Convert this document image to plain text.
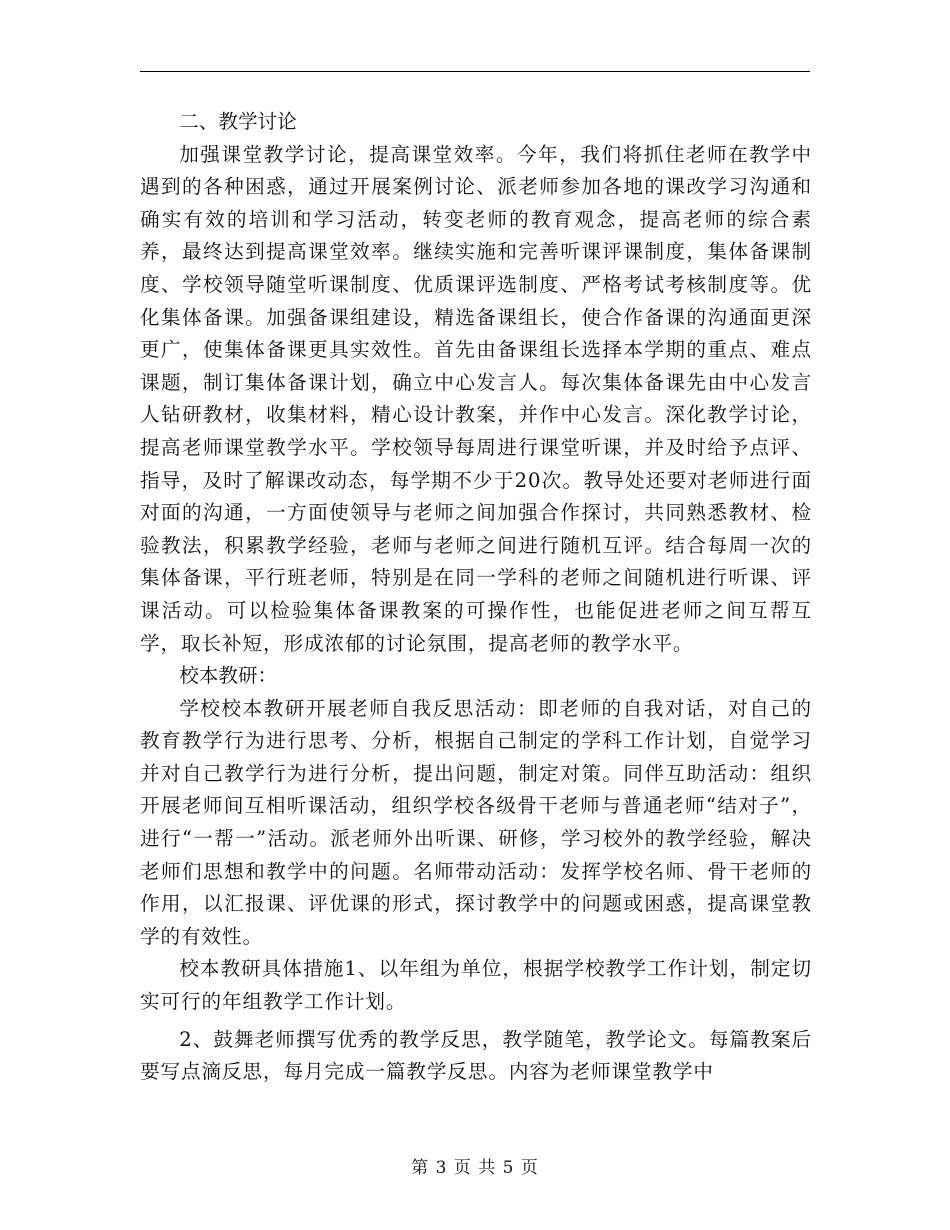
二、教学讨论

加强课堂教学讨论，提高课堂效率。今年，我们将抓住老师在教学中遇到的各种困惑，通过开展案例讨论、派老师参加各地的课改学习沟通和确实有效的培训和学习活动，转变老师的教育观念，提高老师的综合素养，最终达到提高课堂效率。继续实施和完善听课评课制度，集体备课制度、学校领导随堂听课制度、优质课评选制度、严格考试考核制度等。优化集体备课。加强备课组建设，精选备课组长，使合作备课的沟通面更深更广，使集体备课更具实效性。首先由备课组长选择本学期的重点、难点课题，制订集体备课计划，确立中心发言人。每次集体备课先由中心发言人钻研教材，收集材料，精心设计教案，并作中心发言。深化教学讨论，提高老师课堂教学水平。学校领导每周进行课堂听课，并及时给予点评、指导，及时了解课改动态，每学期不少于20次。教导处还要对老师进行面对面的沟通，一方面使领导与老师之间加强合作探讨，共同熟悉教材、检验教法，积累教学经验，老师与老师之间进行随机互评。结合每周一次的集体备课，平行班老师，特别是在同一学科的老师之间随机进行听课、评课活动。可以检验集体备课教案的可操作性，也能促进老师之间互帮互学，取长补短，形成浓郁的讨论氛围，提高老师的教学水平。

校本教研：

学校校本教研开展老师自我反思活动：即老师的自我对话，对自己的教育教学行为进行思考、分析，根据自己制定的学科工作计划，自觉学习并对自己教学行为进行分析，提出问题，制定对策。同伴互助活动：组织开展老师间互相听课活动，组织学校各级骨干老师与普通老师“结对子”，进行“一帮一”活动。派老师外出听课、研修，学习校外的教学经验，解决老师们思想和教学中的问题。名师带动活动：发挥学校名师、骨干老师的作用，以汇报课、评优课的形式，探讨教学中的问题或困惑，提高课堂教学的有效性。

校本教研具体措施1、以年组为单位，根据学校教学工作计划，制定切实可行的年组教学工作计划。

2、鼓舞老师撰写优秀的教学反思，教学随笔，教学论文。每篇教案后要写点滴反思，每月完成一篇教学反思。内容为老师课堂教学中

第 3 页 共 5 页
